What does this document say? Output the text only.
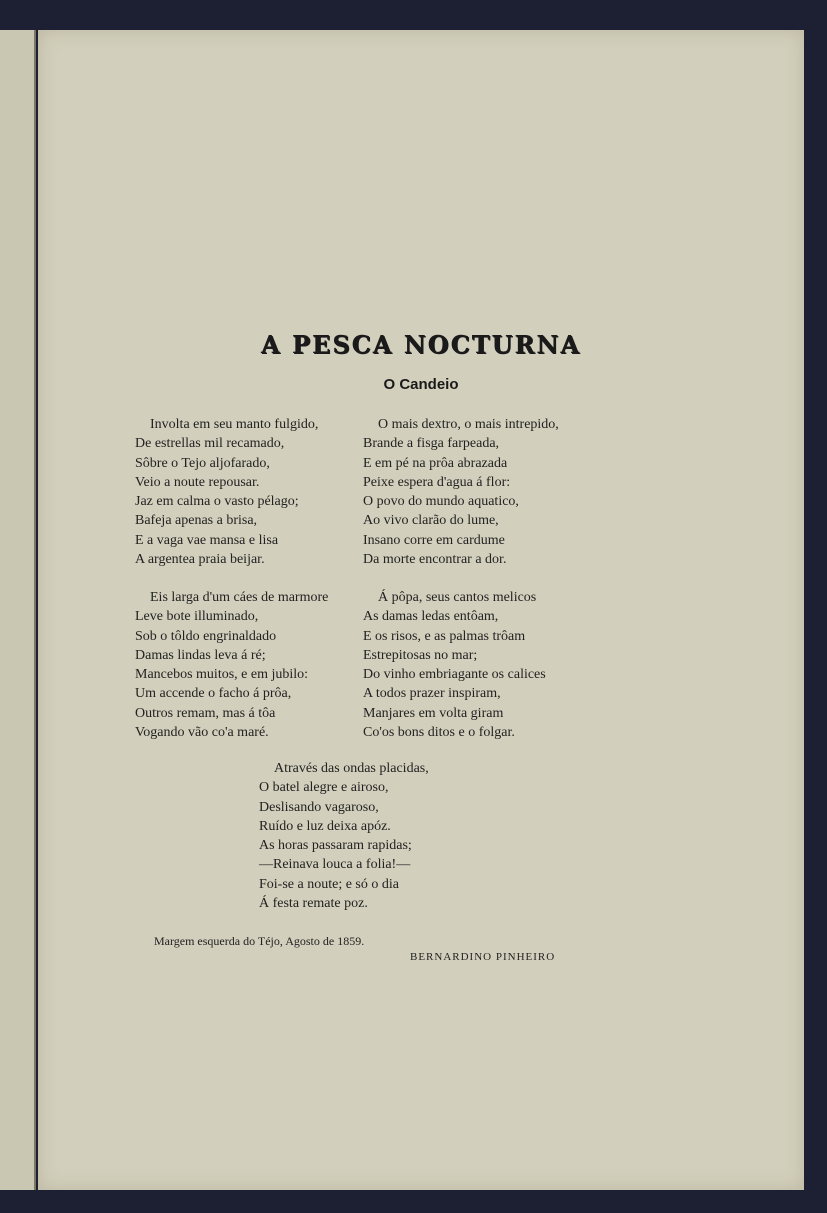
A PESCA NOCTURNA
O Candeio
Involta em seu manto fulgido,
De estrellas mil recamado,
Sôbre o Tejo aljofarado,
Veio a noute repousar.
Jaz em calma o vasto pélago;
Bafeja apenas a brisa,
E a vaga vae mansa e lisa
A argentea praia beijar.
O mais dextro, o mais intrepido,
Brande a fisga farpeada,
E em pé na prôa abrazada
Peixe espera d'agua á flor:
O povo do mundo aquatico,
Ao vivo clarão do lume,
Insano corre em cardume
Da morte encontrar a dor.
Eis larga d'um cáes de marmore
Leve bote illuminado,
Sob o tôldo engrinaldado
Damas lindas leva á ré;
Mancebos muitos, e em jubilo:
Um accende o facho á prôa,
Outros remam, mas á tôa
Vogando vão co'a maré.
Á pôpa, seus cantos melicos
As damas ledas entôam,
E os risos, e as palmas trôam
Estrepitosas no mar;
Do vinho embriagante os calices
A todos prazer inspiram,
Manjares em volta giram
Co'os bons ditos e o folgar.
Através das ondas placidas,
O batel alegre e airoso,
Deslisando vagaroso,
Ruído e luz deixa apóz.
As horas passaram rapidas;
—Reinava louca a folia!—
Foi-se a noute; e só o dia
Á festa remate poz.
Margem esquerda do Téjo, Agosto de 1859.
BERNARDINO PINHEIRO
